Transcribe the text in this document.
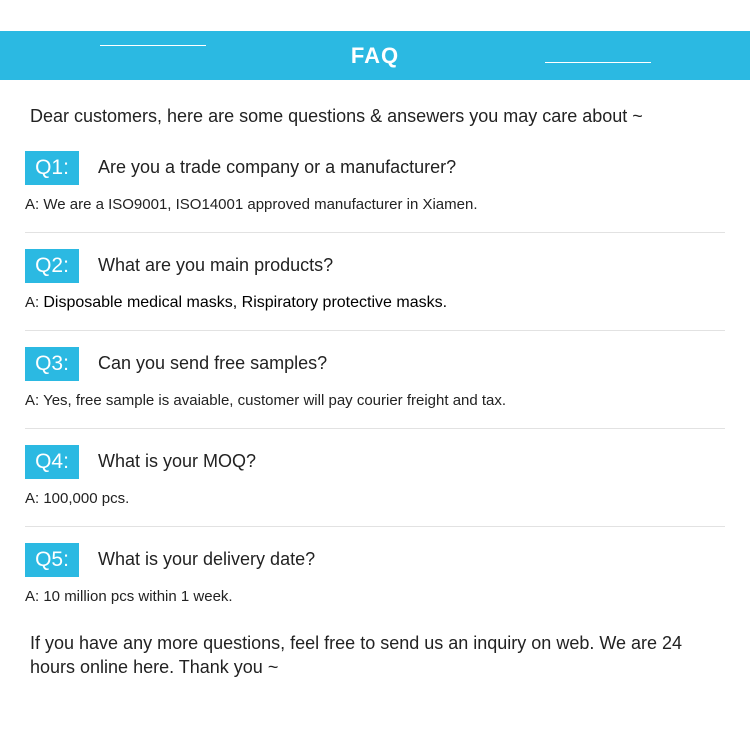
FAQ
Dear customers, here are some questions & ansewers you may care about ~
Q1:	Are you a trade company or a manufacturer?
A: We are a ISO9001, ISO14001 approved manufacturer in Xiamen.
Q2:	What are you main products?
A: Disposable medical masks, Rispiratory protective masks.
Q3:	Can you send free samples?
A: Yes, free sample is avaiable, customer will pay courier freight and tax.
Q4:	What is your MOQ?
A: 100,000 pcs.
Q5:	What is your delivery date?
A: 10 million pcs within 1 week.
If you have any more questions, feel free to send us an inquiry on web. We are 24 hours online here. Thank you ~
